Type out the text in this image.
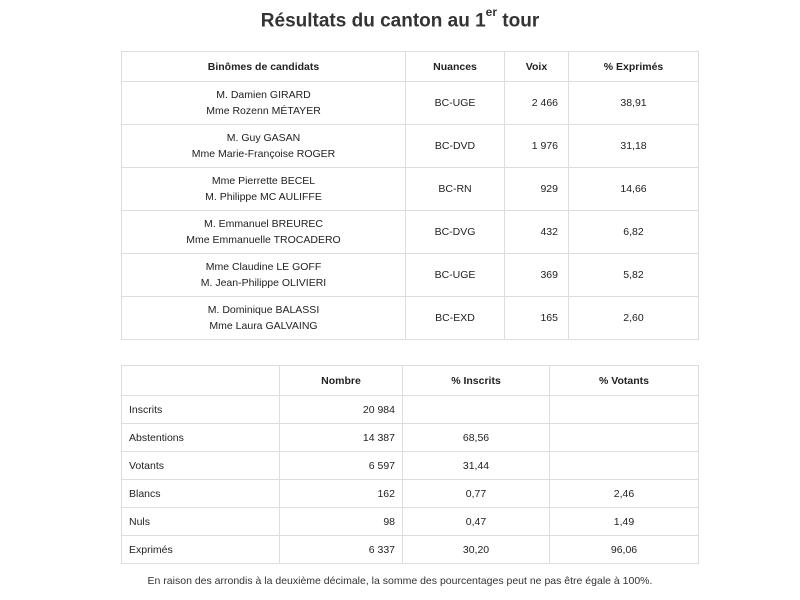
Résultats du canton au 1er tour
Binômes de candidats	Nuances	Voix	% Exprimés

M. Damien GIRARD
Mme Rozenn MÉTAYER	BC-UGE	2 466	38,91

M. Guy GASAN
Mme Marie-Françoise ROGER	BC-DVD	1 976	31,18

Mme Pierrette BECEL
M. Philippe MC AULIFFE	BC-RN	929	14,66

M. Emmanuel BREUREC
Mme Emmanuelle TROCADERO	BC-DVG	432	6,82

Mme Claudine LE GOFF
M. Jean-Philippe OLIVIERI	BC-UGE	369	5,82

M. Dominique BALASSI
Mme Laura GALVAING	BC-EXD	165	2,60
	Nombre	% Inscrits	% Votants
Inscrits	20 984		
Abstentions	14 387	68,56	
Votants	6 597	31,44	
Blancs	162	0,77	2,46
Nuls	98	0,47	1,49
Exprimés	6 337	30,20	96,06
En raison des arrondis à la deuxième décimale, la somme des pourcentages peut ne pas être égale à 100%.
